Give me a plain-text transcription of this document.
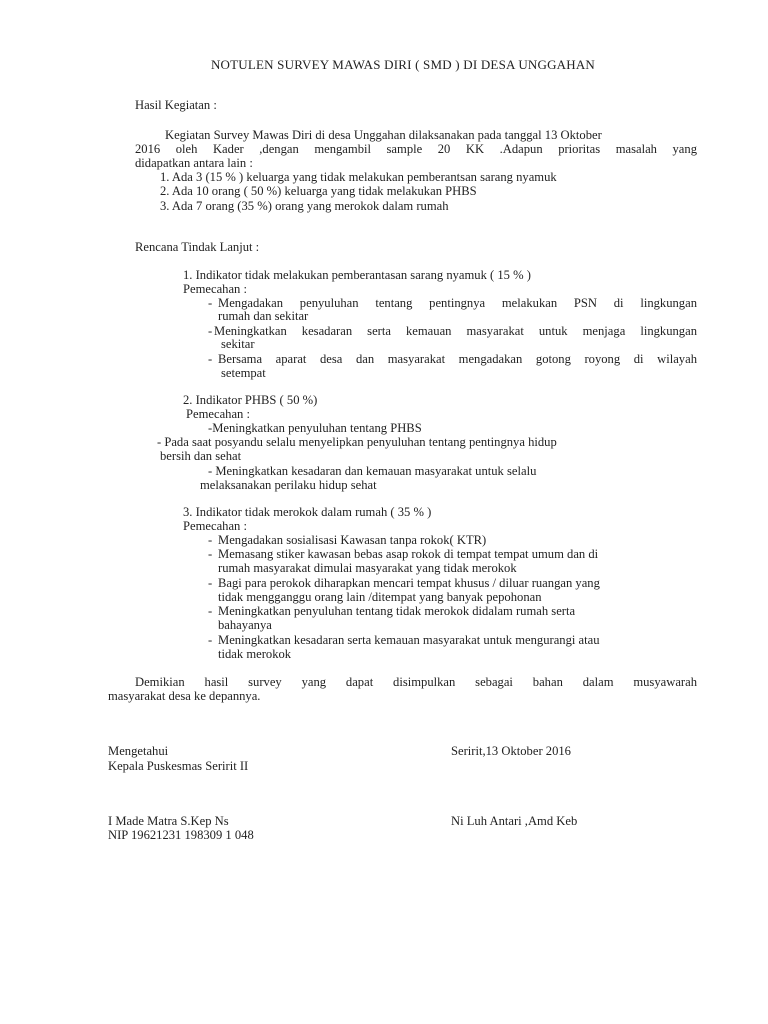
NOTULEN SURVEY MAWAS DIRI ( SMD ) DI DESA UNGGAHAN
Hasil Kegiatan :
Kegiatan Survey Mawas Diri di desa Unggahan dilaksanakan pada tanggal 13 Oktober
2016 oleh Kader ,dengan mengambil sample 20 KK .Adapun prioritas masalah yang
didapatkan antara lain :
1. Ada 3 (15 % ) keluarga yang tidak melakukan pemberantsan sarang nyamuk
2. Ada 10 orang ( 50 %) keluarga yang tidak melakukan PHBS
3. Ada 7 orang (35 %) orang yang merokok dalam rumah
Rencana Tindak Lanjut :
1. Indikator tidak melakukan pemberantasan sarang nyamuk ( 15 % )
Pemecahan :
- Mengadakan penyuluhan tentang pentingnya melakukan PSN di lingkungan
rumah dan sekitar
- Meningkatkan kesadaran serta kemauan masyarakat untuk menjaga lingkungan
sekitar
- Bersama aparat desa dan masyarakat mengadakan gotong royong di wilayah
setempat
2. Indikator PHBS ( 50 %)
Pemecahan :
-Meningkatkan penyuluhan tentang PHBS
- Pada saat posyandu selalu menyelipkan penyuluhan tentang pentingnya hidup
bersih dan sehat
- Meningkatkan kesadaran dan kemauan masyarakat untuk selalu
melaksanakan perilaku hidup sehat
3. Indikator tidak merokok dalam rumah ( 35 % )
Pemecahan :
- Mengadakan sosialisasi Kawasan tanpa rokok( KTR)
- Memasang stiker kawasan bebas asap rokok di tempat tempat umum dan di
rumah masyarakat dimulai masyarakat yang tidak merokok
- Bagi para perokok diharapkan mencari tempat khusus / diluar ruangan yang
tidak mengganggu orang lain /ditempat yang banyak pepohonan
- Meningkatkan penyuluhan tentang tidak merokok didalam rumah serta
bahayanya
- Meningkatkan kesadaran serta kemauan masyarakat untuk mengurangi atau
tidak merokok
Demikian hasil survey yang dapat disimpulkan sebagai bahan dalam musyawarah
masyarakat desa ke depannya.
Mengetahui
Kepala Puskesmas Seririt II
Seririt,13 Oktober 2016
I Made Matra S.Kep Ns
NIP 19621231 198309 1 048
Ni Luh Antari ,Amd Keb
